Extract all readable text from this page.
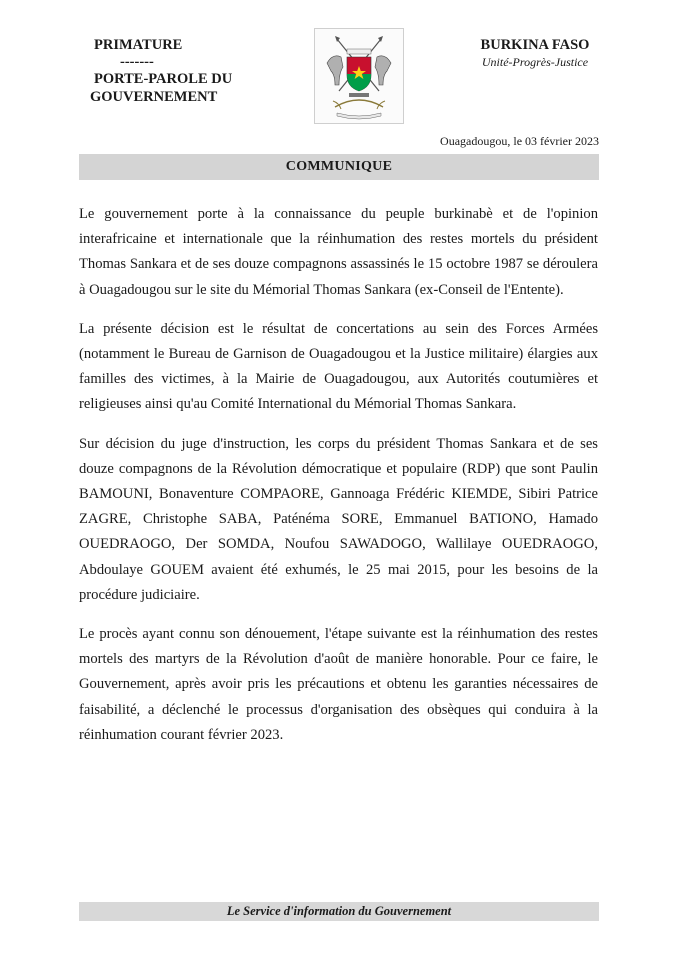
PRIMATURE
-------
PORTE-PAROLE DU
GOUVERNEMENT
BURKINA FASO
Unité-Progrès-Justice
Ouagadougou, le 03 février 2023
COMMUNIQUE

Le gouvernement porte à la connaissance du peuple burkinabè et de l'opinion interafricaine et internationale que la réinhumation des restes mortels du président Thomas Sankara et de ses douze compagnons assassinés le 15 octobre 1987 se déroulera à Ouagadougou sur le site du Mémorial Thomas Sankara (ex-Conseil de l'Entente).

La présente décision est le résultat de concertations au sein des Forces Armées (notamment le Bureau de Garnison de Ouagadougou et la Justice militaire) élargies aux familles des victimes, à la Mairie de Ouagadougou, aux Autorités coutumières et religieuses ainsi qu'au Comité International du Mémorial Thomas Sankara.

Sur décision du juge d'instruction, les corps du président Thomas Sankara et de ses douze compagnons de la Révolution démocratique et populaire (RDP) que sont Paulin BAMOUNI, Bonaventure COMPAORE, Gannoaga Frédéric KIEMDE, Sibiri Patrice ZAGRE, Christophe SABA, Paténéma SORE, Emmanuel BATIONO, Hamado OUEDRAOGO, Der SOMDA, Noufou SAWADOGO, Wallilaye OUEDRAOGO, Abdoulaye GOUEM avaient été exhumés, le 25 mai 2015, pour les besoins de la procédure judiciaire.

Le procès ayant connu son dénouement, l'étape suivante est la réinhumation des restes mortels des martyrs de la Révolution d'août de manière honorable. Pour ce faire, le Gouvernement, après avoir pris les précautions et obtenu les garanties nécessaires de faisabilité, a déclenché le processus d'organisation des obsèques qui conduira à la réinhumation courant février 2023.

Le Service d'information du Gouvernement
